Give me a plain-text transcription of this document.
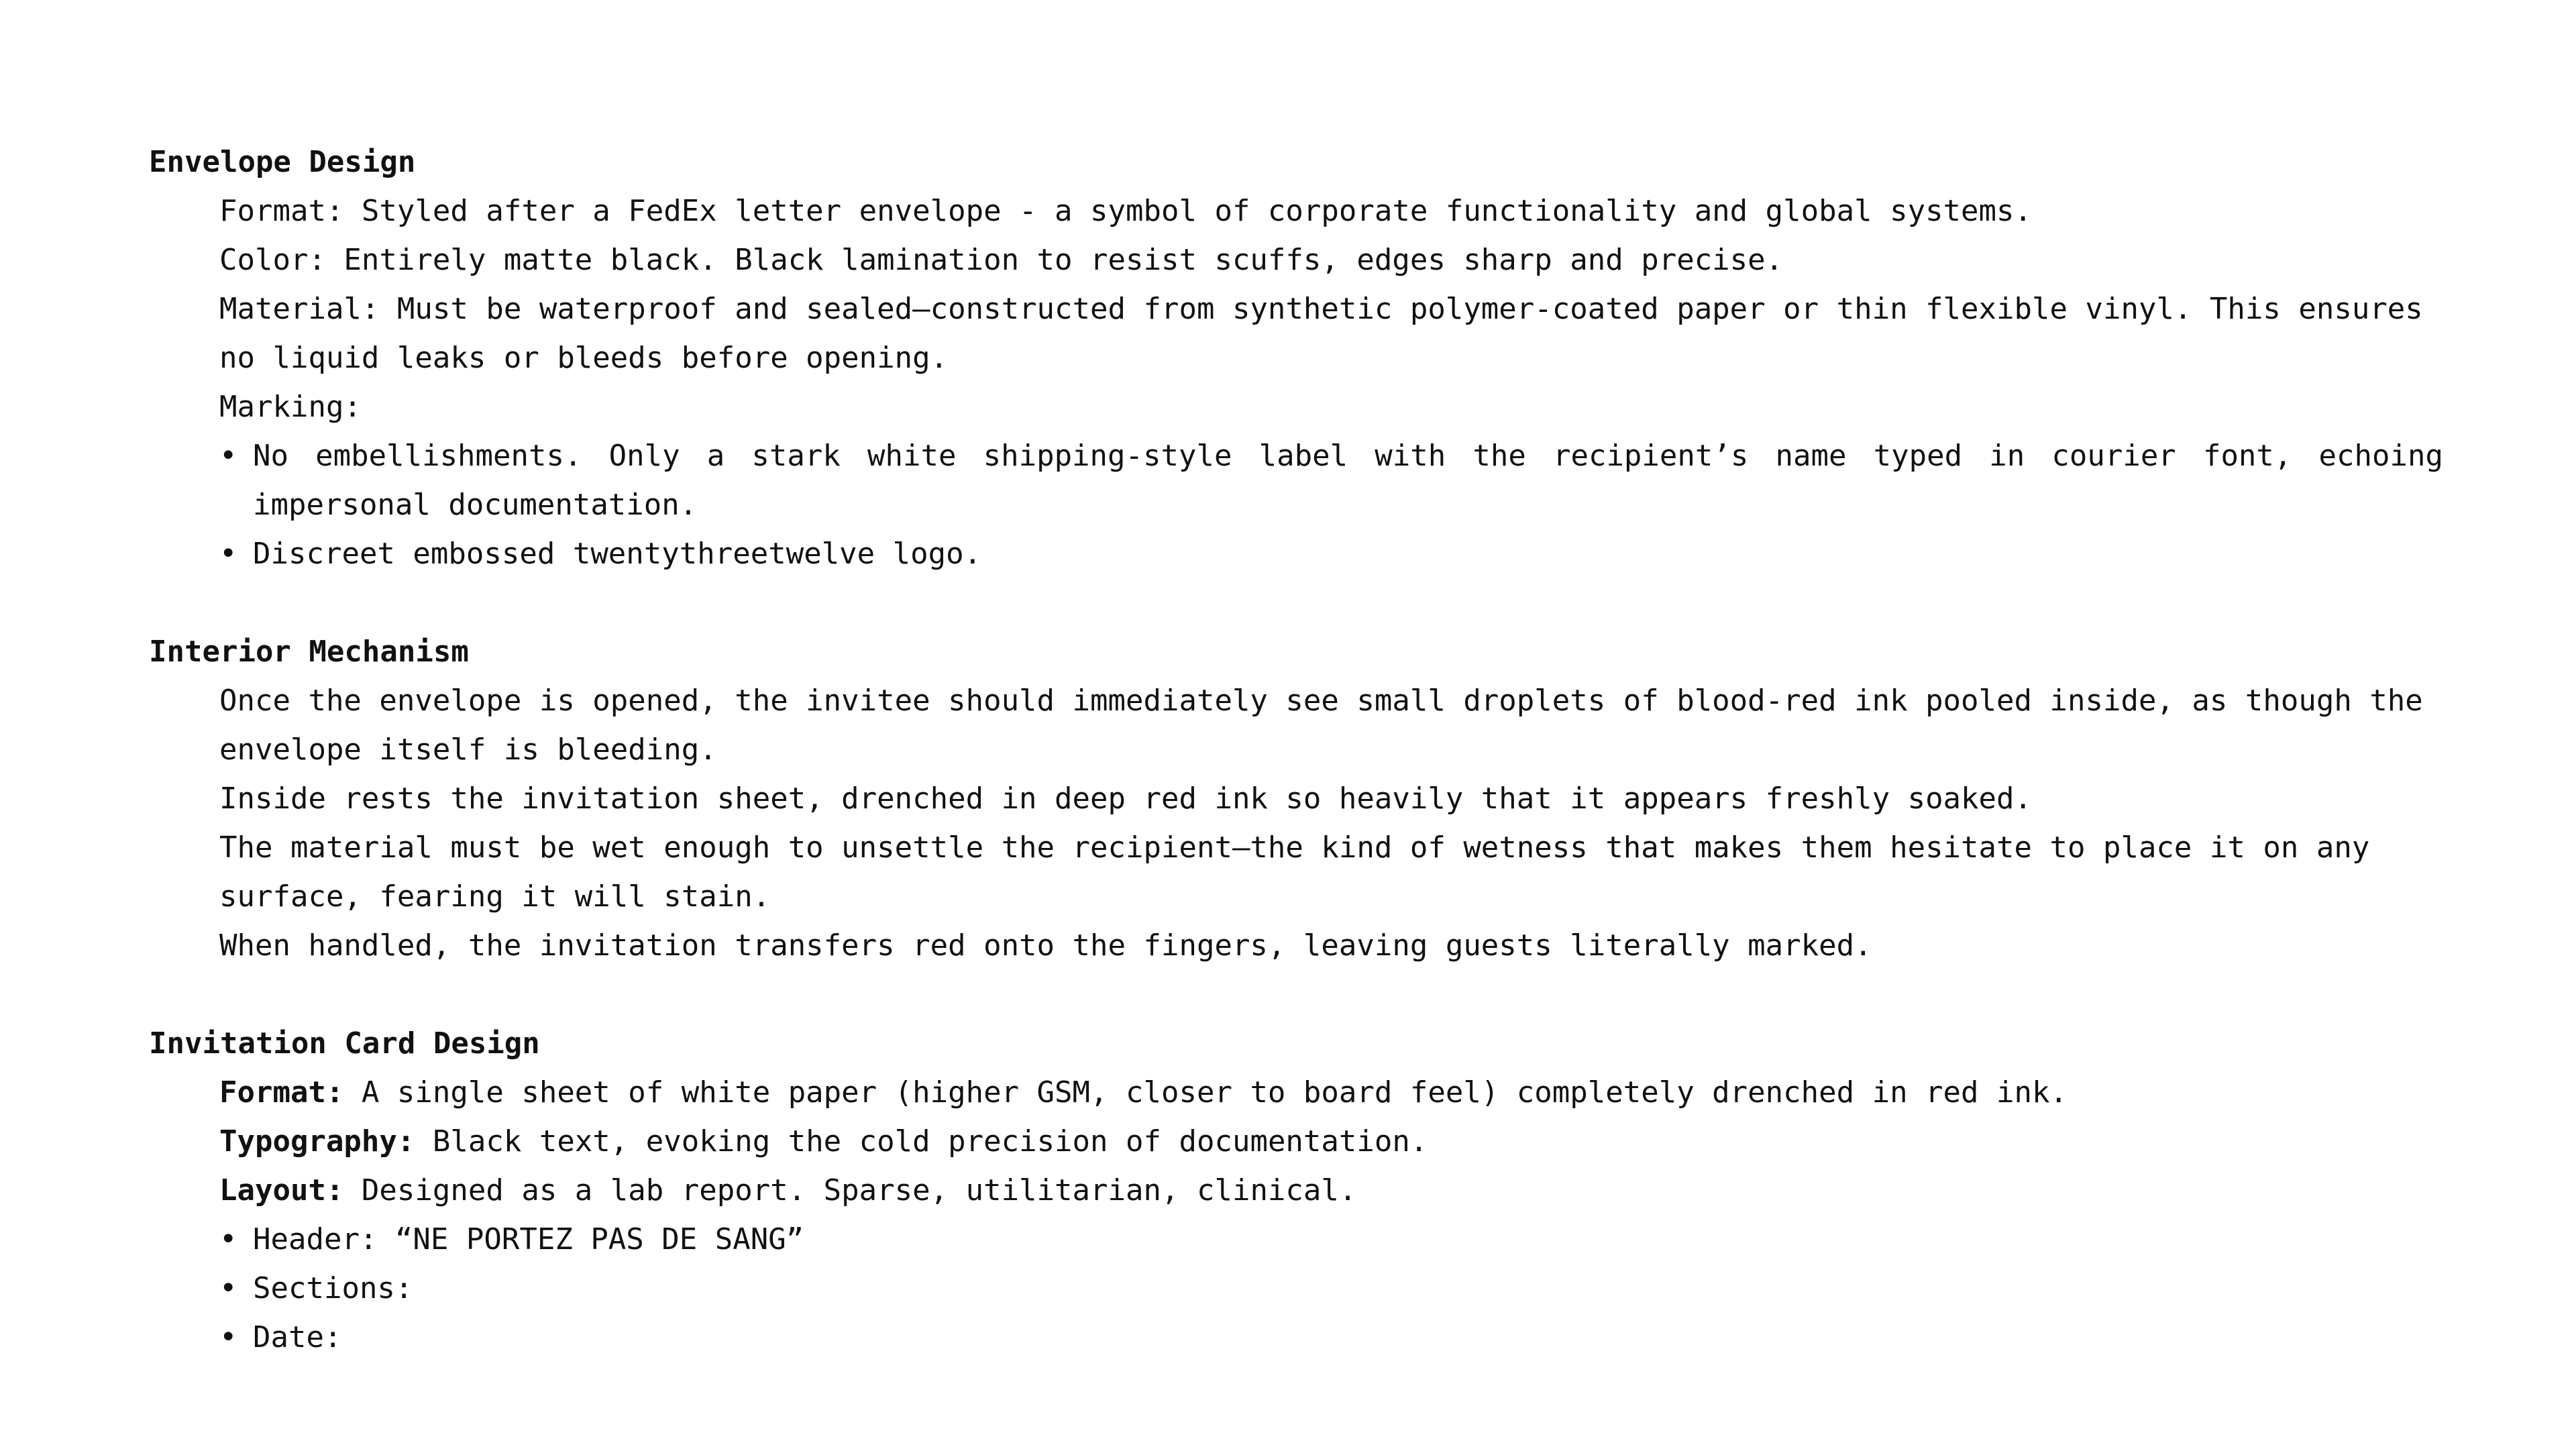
Envelope Design
Format: Styled after a FedEx letter envelope - a symbol of corporate functionality and global systems.
Color: Entirely matte black. Black lamination to resist scuffs, edges sharp and precise.
Material: Must be waterproof and sealed—constructed from synthetic polymer-coated paper or thin flexible vinyl. This ensures no liquid leaks or bleeds before opening.
Marking:
• No embellishments. Only a stark white shipping-style label with the recipient’s name typed in courier font, echoing impersonal documentation.
• Discreet embossed twentythreetwelve logo.
Interior Mechanism
Once the envelope is opened, the invitee should immediately see small droplets of blood-red ink pooled inside, as though the envelope itself is bleeding.
Inside rests the invitation sheet, drenched in deep red ink so heavily that it appears freshly soaked.
The material must be wet enough to unsettle the recipient—the kind of wetness that makes them hesitate to place it on any surface, fearing it will stain.
When handled, the invitation transfers red onto the fingers, leaving guests literally marked.
Invitation Card Design
Format: A single sheet of white paper (higher GSM, closer to board feel) completely drenched in red ink.
Typography: Black text, evoking the cold precision of documentation.
Layout: Designed as a lab report. Sparse, utilitarian, clinical.
• Header: “NE PORTEZ PAS DE SANG”
• Sections:
• Date:
